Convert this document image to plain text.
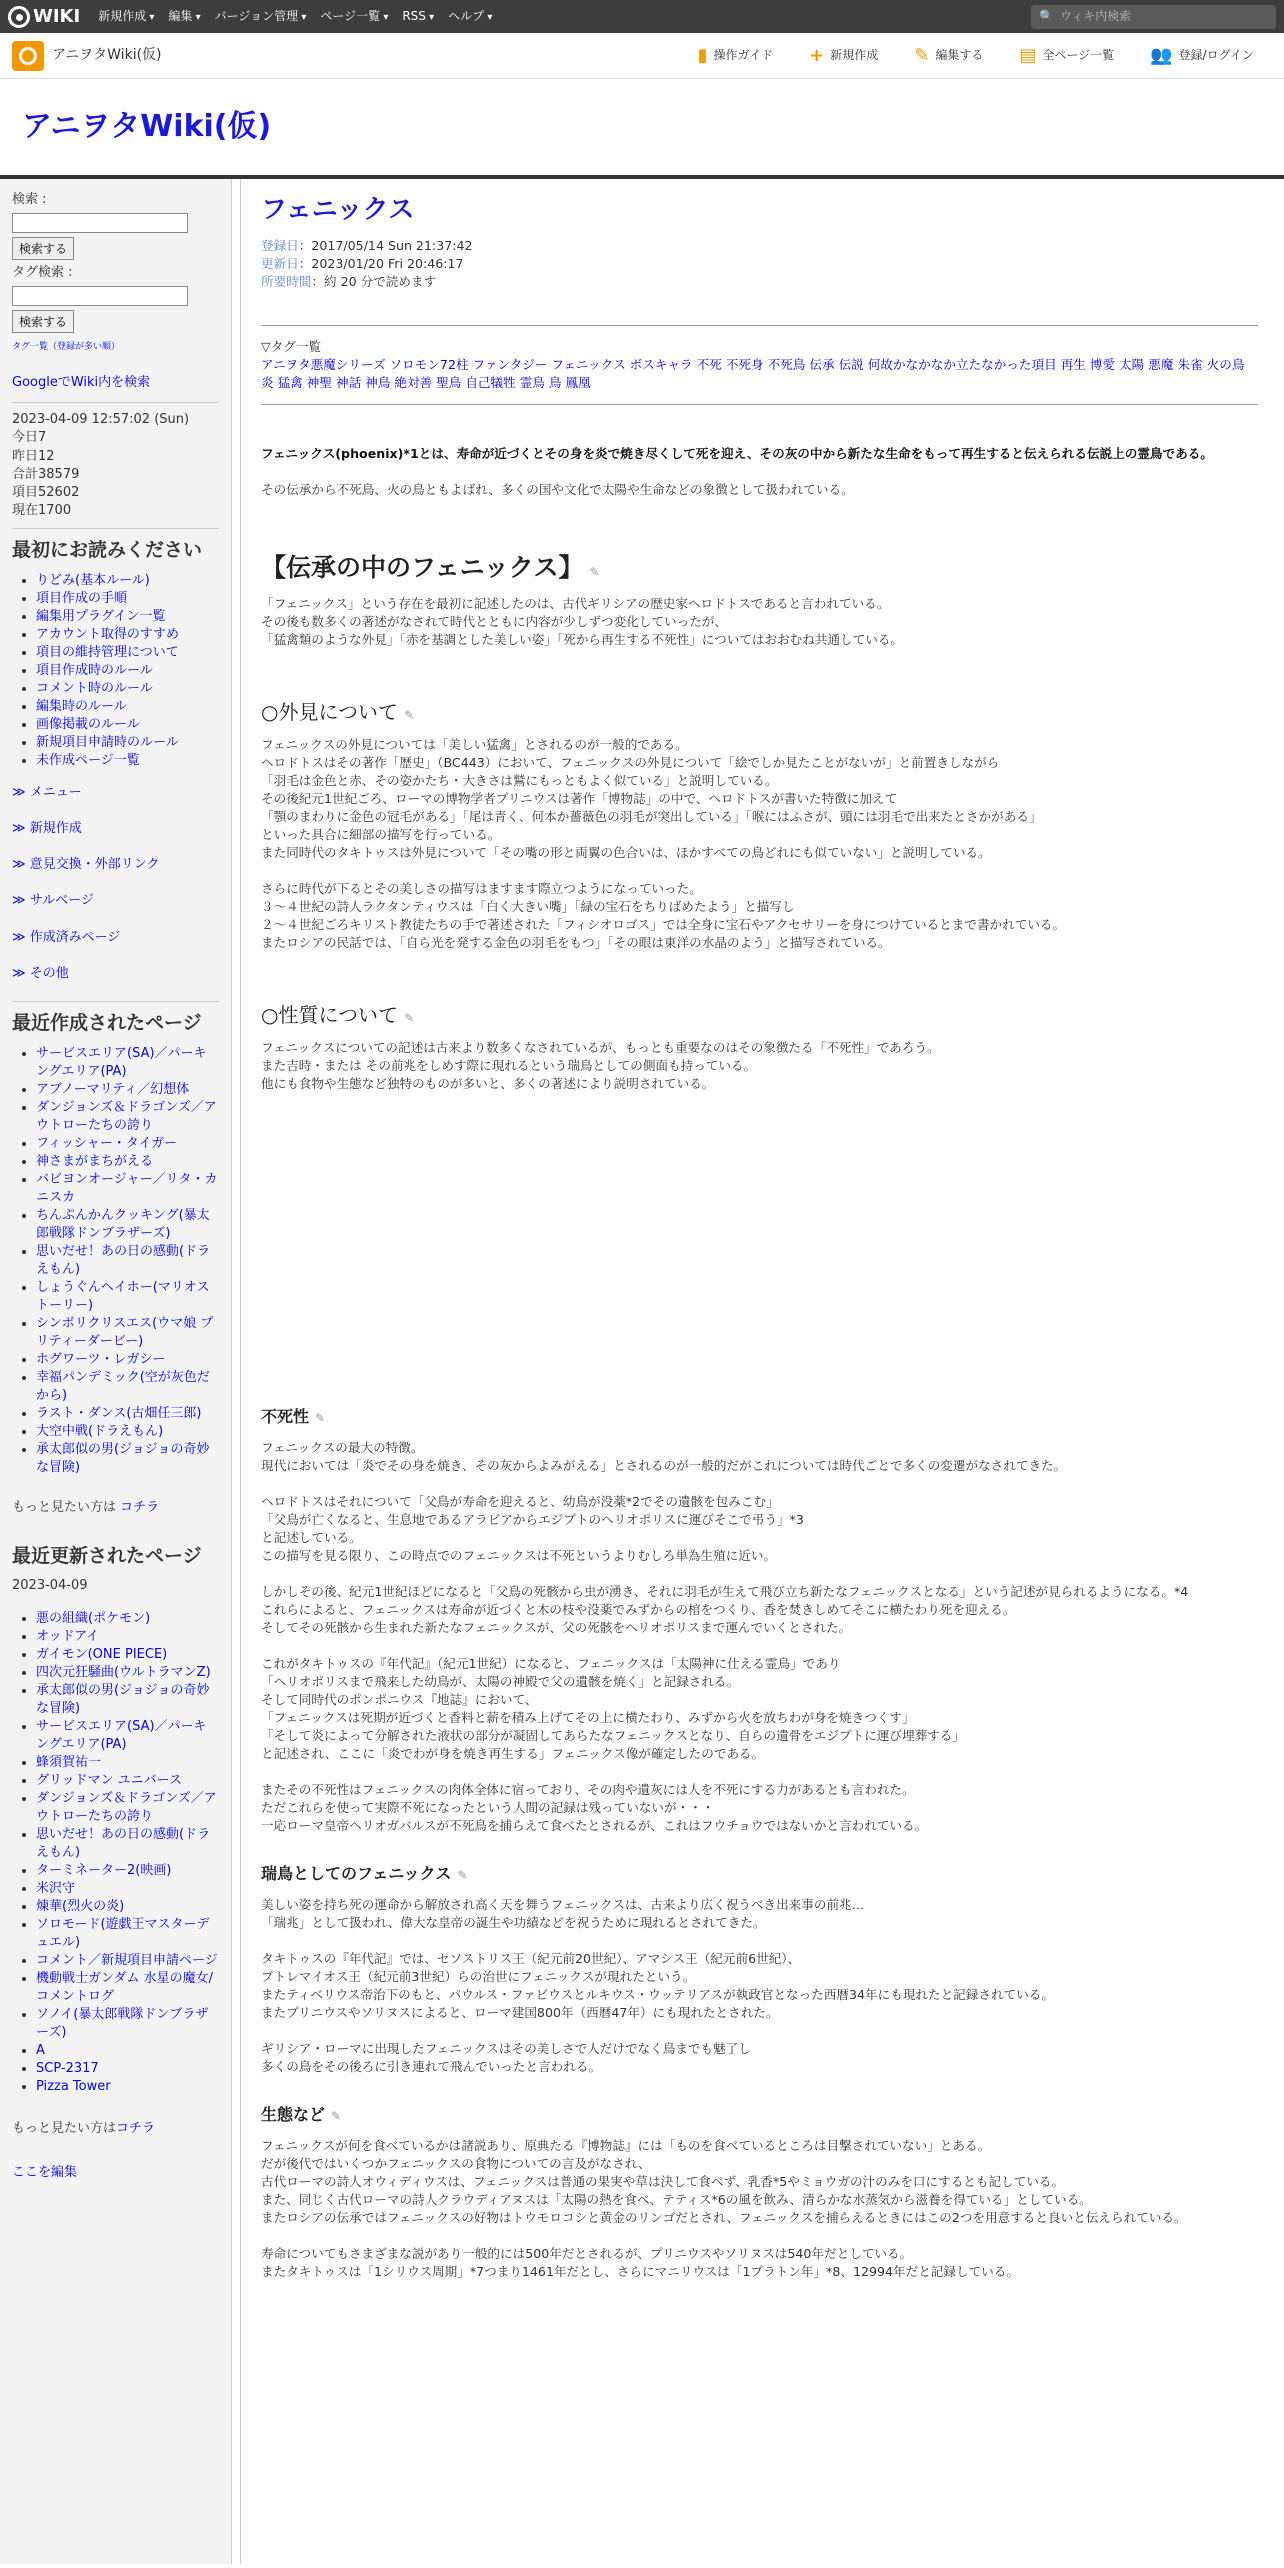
WIKI 新規作成 ▾	編集 ▾	バージョン管理 ▾	ページ一覧 ▾	RSS ▾	ヘルプ ▾	🔍 ウィキ内検索
アニヲタWiki(仮)	▮ 操作ガイド + 新規作成 ✎ 編集する ▤ 全ページ一覧 👥 登録/ログイン
アニヲタWiki(仮)
検索 :
検索する
タグ検索 :
検索する
タグ一覧（登録が多い順）
GoogleでWiki内を検索
2023-04-09 12:57:02 (Sun)
今日7
昨日12
合計38579
項目52602
現在1700
最初にお読みください
• りどみ(基本ルール)
• 項目作成の手順
• 編集用プラグイン一覧
• アカウント取得のすすめ
• 項目の維持管理について
• 項目作成時のルール
• コメント時のルール
• 編集時のルール
• 画像掲載のルール
• 新規項目申請時のルール
• 未作成ページ一覧
≫ メニュー
≫ 新規作成
≫ 意見交換・外部リンク
≫ サルベージ
≫ 作成済みページ
≫ その他
最近作成されたページ
• サービスエリア(SA)／パーキングエリア(PA)
• アブノーマリティ／幻想体
• ダンジョンズ＆ドラゴンズ／アウトローたちの誇り
• フィッシャー・タイガー
• 神さまがまちがえる
• バビヨンオージャー／リタ・カニスカ
• ちんぷんかんクッキング(暴太郎戦隊ドンブラザーズ)
• 思いだせ！あの日の感動(ドラえもん)
• しょうぐんヘイホー(マリオストーリー)
• シンボリクリスエス(ウマ娘 プリティーダービー)
• ホグワーツ・レガシー
• 幸福パンデミック(空が灰色だから)
• ラスト・ダンス(古畑任三郎)
• 大空中戦(ドラえもん)
• 承太郎似の男(ジョジョの奇妙な冒険)
もっと見たい方は コチラ
最近更新されたページ
2023-04-09
• 悪の組織(ポケモン)
• オッドアイ
• ガイモン(ONE PIECE)
• 四次元狂騒曲(ウルトラマンZ)
• 承太郎似の男(ジョジョの奇妙な冒険)
• サービスエリア(SA)／パーキングエリア(PA)
• 蜂須賀祐一
• グリッドマン ユニバース
• ダンジョンズ＆ドラゴンズ／アウトローたちの誇り
• 思いだせ！あの日の感動(ドラえもん)
• ターミネーター2(映画)
• 米沢守
• 煉華(烈火の炎)
• ソロモード(遊戯王マスターデュエル)
• コメント／新規項目申請ページ
• 機動戦士ガンダム 水星の魔女/コメントログ
• ソノイ(暴太郎戦隊ドンブラザーズ)
• A
• SCP-2317
• Pizza Tower
もっと見たい方はコチラ
ここを編集
フェニックス
登録日：2017/05/14 Sun 21:37:42
更新日：2023/01/20 Fri 20:46:17
所要時間：約 20 分で読めます
▽タグ一覧
アニヲタ悪魔シリーズ ソロモン72柱 ファンタジー フェニックス ボスキャラ 不死 不死身 不死鳥 伝承 伝説 何故かなかなか立たなかった項目 再生 博愛 太陽 悪魔 朱雀 火の鳥 炎 猛禽 神聖 神話 神鳥 絶対善 聖鳥 自己犠牲 霊鳥 鳥 鳳凰

フェニックス(phoenix)*1とは、寿命が近づくとその身を炎で焼き尽くして死を迎え、その灰の中から新たな生命をもって再生すると伝えられる伝説上の霊鳥である。

その伝承から不死鳥、火の鳥ともよばれ、多くの国や文化で太陽や生命などの象徴として扱われている。

【伝承の中のフェニックス】 ✎
「フェニックス」という存在を最初に記述したのは、古代ギリシアの歴史家ヘロドトスであると言われている。
その後も数多くの著述がなされて時代とともに内容が少しずつ変化していったが、
「猛禽類のような外見」「赤を基調とした美しい姿」「死から再生する不死性」についてはおおむね共通している。
○外見について ✎
フェニックスの外見については「美しい猛禽」とされるのが一般的である。
ヘロドトスはその著作「歴史」（BC443）において、フェニックスの外見について「絵でしか見たことがないが」と前置きしながら
「羽毛は金色と赤、その姿かたち・大きさは鷲にもっともよく似ている」と説明している。
その後紀元1世紀ごろ、ローマの博物学者プリニウスは著作「博物誌」の中で、ヘロドトスが書いた特徴に加えて
「顎のまわりに金色の冠毛がある」「尾は青く、何本か薔薇色の羽毛が突出している」「喉にはふさが、頭には羽毛で出来たとさかがある」
といった具合に細部の描写を行っている。
また同時代のタキトゥスは外見について「その嘴の形と両翼の色合いは、ほかすべての鳥どれにも似ていない」と説明している。
さらに時代が下るとその美しさの描写はますます際立つようになっていった。
３～４世紀の詩人ラクタンティウスは「白く大きい嘴」「緑の宝石をちりばめたよう」と描写し
２～４世紀ごろキリスト教徒たちの手で著述された「フィシオロゴス」では全身に宝石やアクセサリーを身につけているとまで書かれている。
またロシアの民話では、「自ら光を発する金色の羽毛をもつ」「その眼は東洋の水晶のよう」と描写されている。
○性質について ✎
フェニックスについての記述は古来より数多くなされているが、もっとも重要なのはその象徴たる「不死性」であろう。
また吉時・または その前兆をしめす際に現れるという瑞鳥としての側面も持っている。
他にも食物や生態など独特のものが多いと、多くの著述により説明されている。
不死性 ✎
フェニックスの最大の特徴。
現代においては「炎でその身を焼き、その灰からよみがえる」とされるのが一般的だがこれについては時代ごとで多くの変遷がなされてきた。
ヘロドトスはそれについて「父鳥が寿命を迎えると、幼鳥が没薬*2でその遺骸を包みこむ」
「父鳥が亡くなると、生息地であるアラビアからエジプトのヘリオポリスに運びそこで弔う」*3
と記述している。
この描写を見る限り、この時点でのフェニックスは不死というよりむしろ単為生殖に近い。
しかしその後、紀元1世紀ほどになると「父鳥の死骸から虫が湧き、それに羽毛が生えて飛び立ち新たなフェニックスとなる」という記述が見られるようになる。*4
これらによると、フェニックスは寿命が近づくと木の枝や没薬でみずからの棺をつくり、香を焚きしめてそこに横たわり死を迎える。
そしてその死骸から生まれた新たなフェニックスが、父の死骸をヘリオポリスまで運んでいくとされた。
これがタキトゥスの『年代記』（紀元1世紀）になると、フェニックスは「太陽神に仕える霊鳥」であり
「ヘリオポリスまで飛来した幼鳥が、太陽の神殿で父の遺骸を焼く」と記録される。
そして同時代のポンポニウス『地誌』において、
「フェニックスは死期が近づくと香料と薪を積み上げてその上に横たわり、みずから火を放ちわが身を焼きつくす」
「そして炎によって分解された液状の部分が凝固してあらたなフェニックスとなり、自らの遺骨をエジプトに運び埋葬する」
と記述され、ここに「炎でわが身を焼き再生する」フェニックス像が確定したのである。
またその不死性はフェニックスの肉体全体に宿っており、その肉や遺灰には人を不死にする力があるとも言われた。
ただこれらを使って実際不死になったという人間の記録は残っていないが・・・
一応ローマ皇帝ヘリオガバルスが不死鳥を捕らえて食べたとされるが、これはフウチョウではないかと言われている。
瑞鳥としてのフェニックス ✎
美しい姿を持ち死の運命から解放され高く天を舞うフェニックスは、古来より広く祝うべき出来事の前兆…
「瑞兆」として扱われ、偉大な皇帝の誕生や功績などを祝うために現れるとされてきた。
タキトゥスの『年代記』では、セソストリス王（紀元前20世紀）、アマシス王（紀元前6世紀）、
プトレマイオス王（紀元前3世紀）らの治世にフェニックスが現れたという。
またティベリウス帝治下のもと、パウルス・ファビウスとルキウス・ウッテリアスが執政官となった西暦34年にも現れたと記録されている。
またプリニウスやソリヌスによると、ローマ建国800年（西暦47年）にも現れたとされた。
ギリシア・ローマに出現したフェニックスはその美しさで人だけでなく鳥までも魅了し
多くの鳥をその後ろに引き連れて飛んでいったと言われる。
生態など ✎
フェニックスが何を食べているかは諸説あり、原典たる『博物誌』には「ものを食べているところは目撃されていない」とある。
だが後代ではいくつかフェニックスの食物についての言及がなされ、
古代ローマの詩人オウィディウスは、フェニックスは普通の果実や草は決して食べず、乳香*5やミョウガの汁のみを口にするとも記している。
また、同じく古代ローマの詩人クラウディアヌスは「太陽の熱を食べ、テティス*6の風を飲み、清らかな水蒸気から滋養を得ている」としている。
またロシアの伝承ではフェニックスの好物はトウモロコシと黄金のリンゴだとされ、フェニックスを捕らえるときにはこの2つを用意すると良いと伝えられている。
寿命についてもさまざまな説があり一般的には500年だとされるが、プリニウスやソリヌスは540年だとしている。
またタキトゥスは「1シリウス周期」*7つまり1461年だとし、さらにマニリウスは「1プラトン年」*8、12994年だと記録している。
